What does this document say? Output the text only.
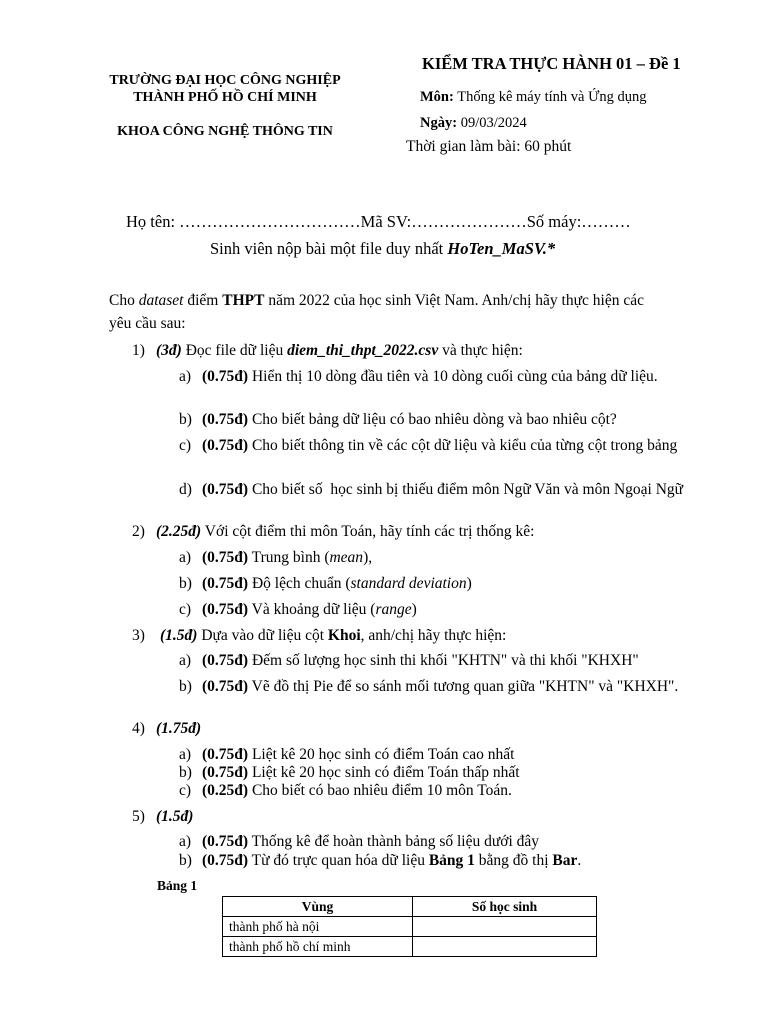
TRƯỜNG ĐẠI HỌC CÔNG NGHIỆP
THÀNH PHỐ HỒ CHÍ MINH
KHOA CÔNG NGHỆ THÔNG TIN
KIỂM TRA THỰC HÀNH 01 – Đề 1
Môn: Thống kê máy tính và Ứng dụng
Ngày: 09/03/2024
Thời gian làm bài: 60 phút
Họ tên: ……………………………Mã SV:…………………Số máy:………
Sinh viên nộp bài một file duy nhất HoTen_MaSV.*
Cho dataset điểm THPT năm 2022 của học sinh Việt Nam. Anh/chị hãy thực hiện các
yêu cầu sau:
1) (3đ) Đọc file dữ liệu diem_thi_thpt_2022.csv và thực hiện:
a) (0.75đ) Hiển thị 10 dòng đầu tiên và 10 dòng cuối cùng của bảng dữ liệu.
b) (0.75đ) Cho biết bảng dữ liệu có bao nhiêu dòng và bao nhiêu cột?
c) (0.75đ) Cho biết thông tin về các cột dữ liệu và kiểu của từng cột trong bảng
d) (0.75đ) Cho biết số  học sinh bị thiếu điểm môn Ngữ Văn và môn Ngoại Ngữ
2) (2.25đ) Với cột điểm thi môn Toán, hãy tính các trị thống kê:
a) (0.75đ) Trung bình (mean),
b) (0.75đ) Độ lệch chuẩn (standard deviation)
c) (0.75đ) Và khoảng dữ liệu (range)
3) (1.5đ) Dựa vào dữ liệu cột Khoi, anh/chị hãy thực hiện:
a) (0.75đ) Đếm số lượng học sinh thi khối "KHTN" và thi khối "KHXH"
b) (0.75đ) Vẽ đồ thị Pie để so sánh mối tương quan giữa "KHTN" và "KHXH".
4) (1.75đ)
a) (0.75đ) Liệt kê 20 học sinh có điểm Toán cao nhất
b) (0.75đ) Liệt kê 20 học sinh có điểm Toán thấp nhất
c) (0.25đ) Cho biết có bao nhiêu điểm 10 môn Toán.
5) (1.5đ)
a) (0.75đ) Thống kê để hoàn thành bảng số liệu dưới đây
b) (0.75đ) Từ đó trực quan hóa dữ liệu Bảng 1 bằng đồ thị Bar.
Bảng 1
Vùng	Số học sinh
thành phố hà nội	
thành phố hồ chí minh	
